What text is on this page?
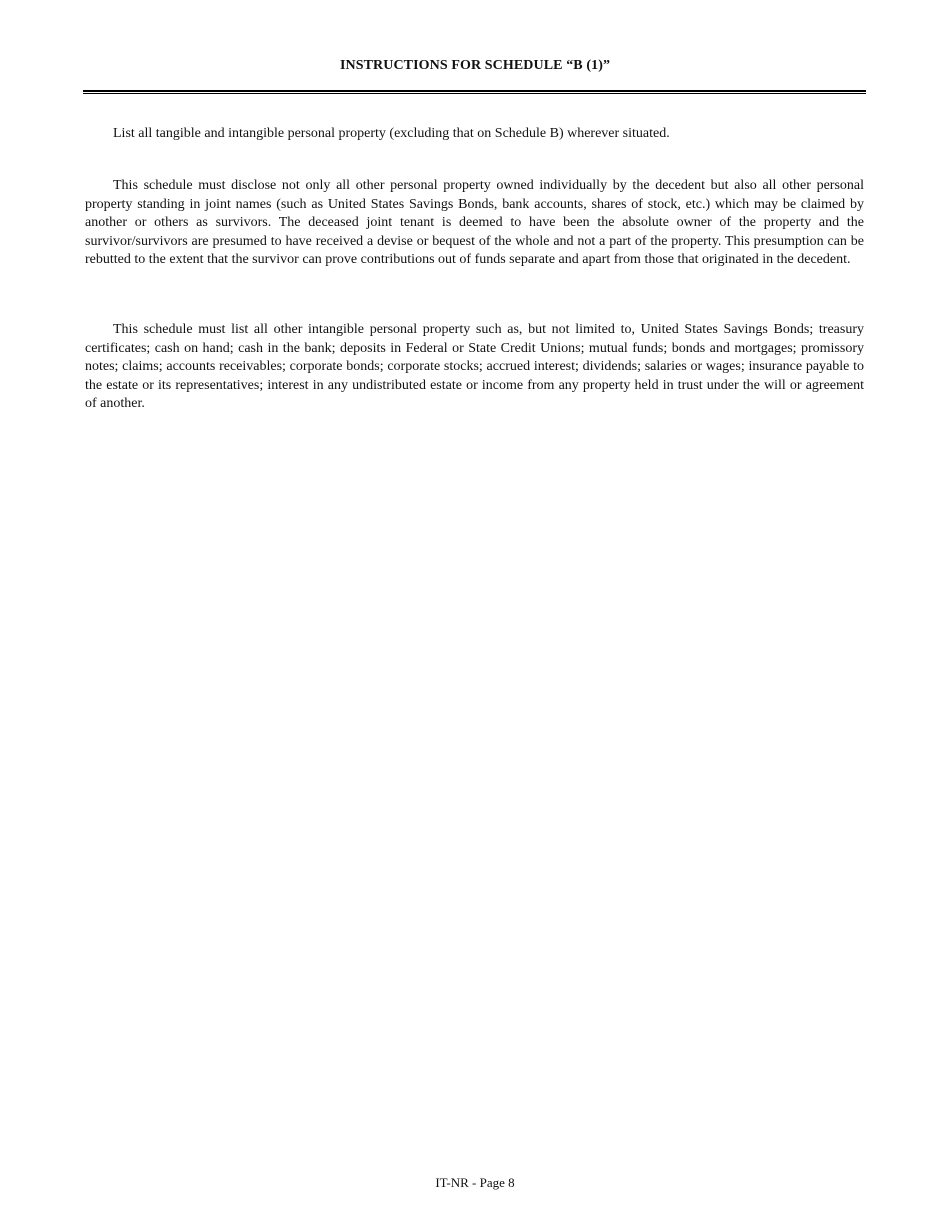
INSTRUCTIONS FOR SCHEDULE “B (1)”

List all tangible and intangible personal property (excluding that on Schedule B) wherever situated.

This schedule must disclose not only all other personal property owned individually by the decedent but also all other personal property standing in joint names (such as United States Savings Bonds, bank accounts, shares of stock, etc.) which may be claimed by another or others as survivors. The deceased joint tenant is deemed to have been the absolute owner of the property and the survivor/survivors are presumed to have received a devise or bequest of the whole and not a part of the property. This presumption can be rebutted to the extent that the survivor can prove contributions out of funds separate and apart from those that originated in the decedent.

This schedule must list all other intangible personal property such as, but not limited to, United States Savings Bonds; treasury certificates; cash on hand; cash in the bank; deposits in Federal or State Credit Unions; mutual funds; bonds and mortgages; promissory notes; claims; accounts receivables; corporate bonds; corporate stocks; accrued interest; dividends; salaries or wages; insurance payable to the estate or its representatives; interest in any undistributed estate or income from any property held in trust under the will or agreement of another.

IT-NR - Page 8
